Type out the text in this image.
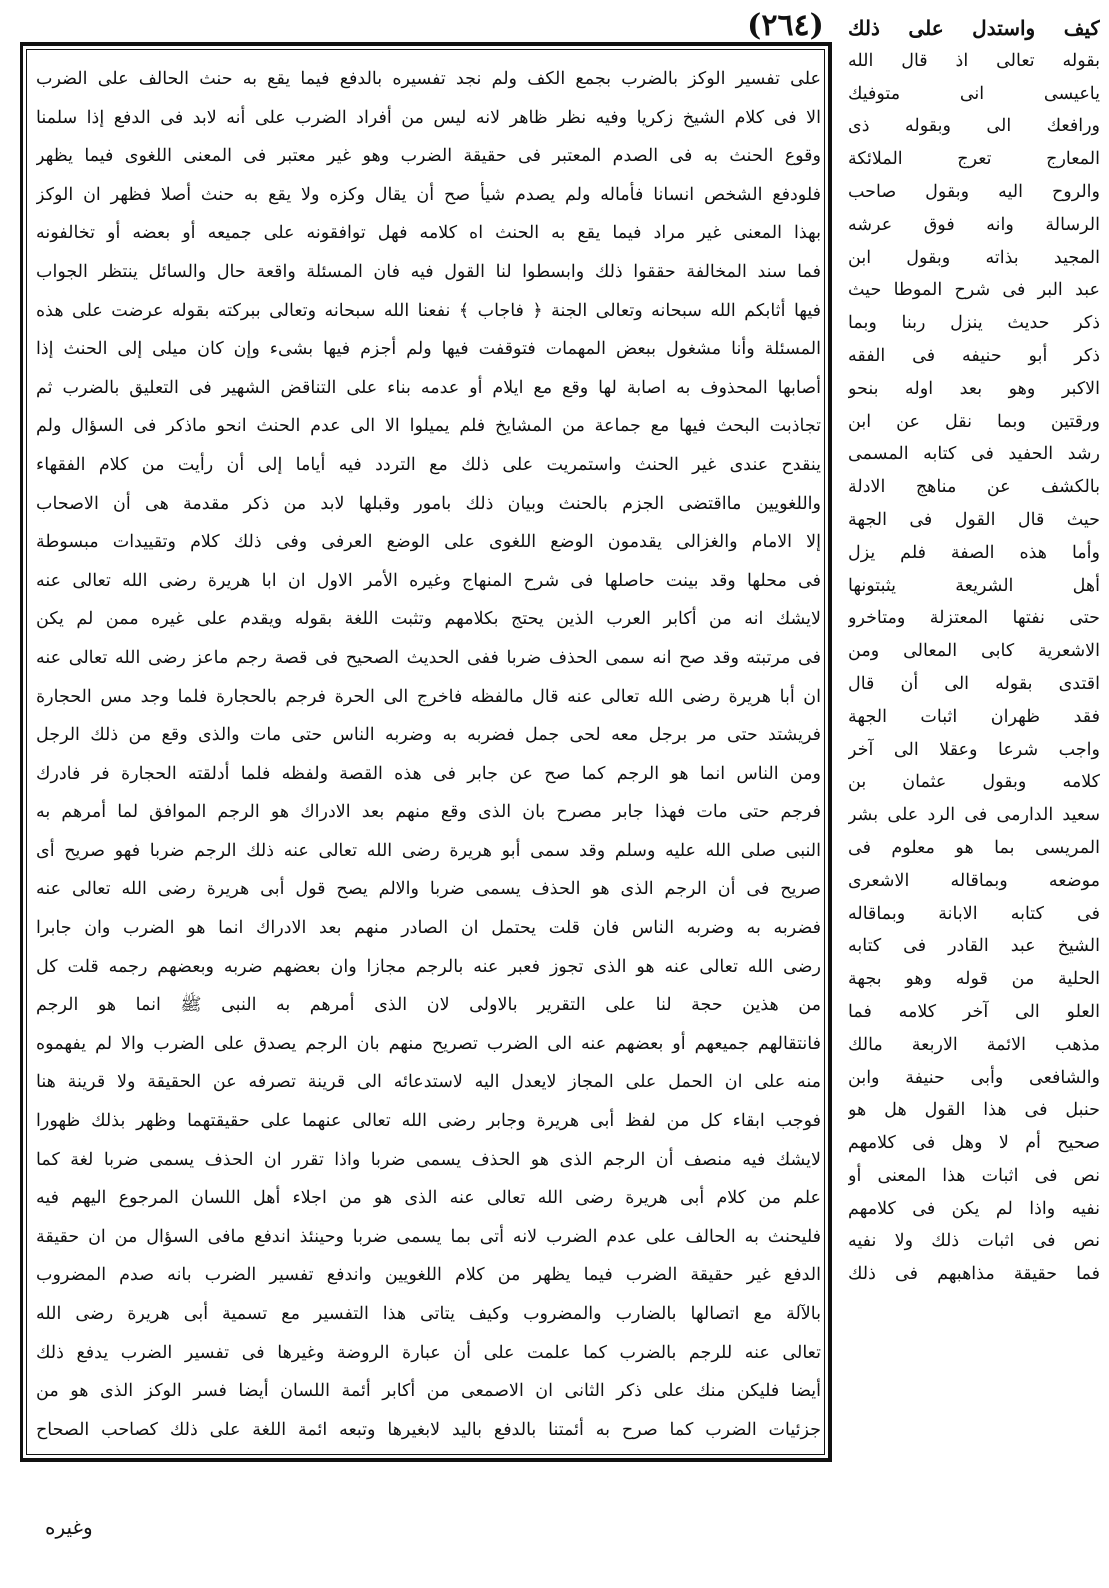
(٢٦٤)
على تفسير الوكز بالضرب بجمع الكف ولم نجد تفسيره بالدفع فيما يقع به حنث الحالف على الضرب
الا فى كلام الشيخ زكريا وفيه نظر ظاهر لانه ليس من أفراد الضرب على أنه لابد فى الدفع إذا سلمنا
وقوع الحنث به فى الصدم المعتبر فى حقيقة الضرب وهو غير معتبر فى المعنى اللغوى فيما يظهر
فلودفع الشخص انسانا فأماله ولم يصدم شيأ صح أن يقال وكزه ولا يقع به حنث أصلا فظهر ان الوكز
بهذا المعنى غير مراد فيما يقع به الحنث اه كلامه فهل توافقونه على جميعه أو بعضه أو تخالفونه
فما سند المخالفة حققوا ذلك وابسطوا لنا القول فيه فان المسئلة واقعة حال والسائل ينتظر الجواب
فيها أثابكم الله سبحانه وتعالى الجنة ﴿ فاجاب ﴾ نفعنا الله سبحانه وتعالى ببركته بقوله عرضت على هذه
المسئلة وأنا مشغول ببعض المهمات فتوقفت فيها ولم أجزم فيها بشىء وإن كان ميلى إلى الحنث إذا
أصابها المحذوف به اصابة لها وقع مع ايلام أو عدمه بناء على التناقض الشهير فى التعليق بالضرب ثم
تجاذبت البحث فيها مع جماعة من المشايخ فلم يميلوا الا الى عدم الحنث انحو ماذكر فى السؤال ولم
ينقدح عندى غير الحنث واستمريت على ذلك مع التردد فيه أياما إلى أن رأيت من كلام الفقهاء
واللغويين مااقتضى الجزم بالحنث وبيان ذلك بامور وقبلها لابد من ذكر مقدمة هى أن الاصحاب
إلا الامام والغزالى يقدمون الوضع اللغوى على الوضع العرفى وفى ذلك كلام وتقييدات مبسوطة
فى محلها وقد بينت حاصلها فى شرح المنهاج وغيره الأمر الاول ان ابا هريرة رضى الله تعالى عنه
لايشك انه من أكابر العرب الذين يحتج بكلامهم وتثبت اللغة بقوله ويقدم على غيره ممن لم يكن
فى مرتبته وقد صح انه سمى الحذف ضربا ففى الحديث الصحيح فى قصة رجم ماعز رضى الله تعالى عنه
ان أبا هريرة رضى الله تعالى عنه قال مالفظه فاخرج الى الحرة فرجم بالحجارة فلما وجد مس الحجارة
فريشتد حتى مر برجل معه لحى جمل فضربه به وضربه الناس حتى مات والذى وقع من ذلك الرجل
ومن الناس انما هو الرجم كما صح عن جابر فى هذه القصة ولفظه فلما أدلقته الحجارة فر فادرك
فرجم حتى مات فهذا جابر مصرح بان الذى وقع منهم بعد الادراك هو الرجم الموافق لما أمرهم به
النبى صلى الله عليه وسلم وقد سمى أبو هريرة رضى الله تعالى عنه ذلك الرجم ضربا فهو صريح أى
صريح فى أن الرجم الذى هو الحذف يسمى ضربا والالم يصح قول أبى هريرة رضى الله تعالى عنه
فضربه به وضربه الناس فان قلت يحتمل ان الصادر منهم بعد الادراك انما هو الضرب وان جابرا
رضى الله تعالى عنه هو الذى تجوز فعبر عنه بالرجم مجازا وان بعضهم ضربه وبعضهم رجمه قلت كل
من هذين حجة لنا على التقرير بالاولى لان الذى أمرهم به النبى ﷺ انما هو الرجم
فانتقالهم جميعهم أو بعضهم عنه الى الضرب تصريح منهم بان الرجم يصدق على الضرب والا لم يفهموه
منه على ان الحمل على المجاز لايعدل اليه لاستدعائه الى قرينة تصرفه عن الحقيقة ولا قرينة هنا
فوجب ابقاء كل من لفظ أبى هريرة وجابر رضى الله تعالى عنهما على حقيقتهما وظهر بذلك ظهورا
لايشك فيه منصف أن الرجم الذى هو الحذف يسمى ضربا واذا تقرر ان الحذف يسمى ضربا لغة كما
علم من كلام أبى هريرة رضى الله تعالى عنه الذى هو من اجلاء أهل اللسان المرجوع اليهم فيه
فليحنث به الحالف على عدم الضرب لانه أتى بما يسمى ضربا وحينئذ اندفع مافى السؤال من ان حقيقة
الدفع غير حقيقة الضرب فيما يظهر من كلام اللغويين واندفع تفسير الضرب بانه صدم المضروب
بالآلة مع اتصالها بالضارب والمضروب وكيف يتاتى هذا التفسير مع تسمية أبى هريرة رضى الله
تعالى عنه للرجم بالضرب كما علمت على أن عبارة الروضة وغيرها فى تفسير الضرب يدفع ذلك
أيضا فليكن منك على ذكر الثانى ان الاصمعى من أكابر أئمة اللسان أيضا فسر الوكز الذى هو من
جزئيات الضرب كما صرح به أئمتنا بالدفع باليد لابغيرها وتبعه ائمة اللغة على ذلك كصاحب الصحاح
كيف واستدل على ذلك
بقوله تعالى اذ قال الله
ياعيسى انى متوفيك
ورافعك الى وبقوله ذى
المعارج تعرج الملائكة
والروح اليه وبقول صاحب
الرسالة وانه فوق عرشه
المجيد بذاته وبقول ابن
عبد البر فى شرح الموطا حيث
ذكر حديث ينزل ربنا وبما
ذكر أبو حنيفه فى الفقه
الاكبر وهو بعد اوله بنحو
ورقتين وبما نقل عن ابن
رشد الحفيد فى كتابه المسمى
بالكشف عن مناهج الادلة
حيث قال القول فى الجهة
وأما هذه الصفة فلم يزل
أهل الشريعة يثبتونها
حتى نفتها المعتزلة ومتاخرو
الاشعرية كابى المعالى ومن
اقتدى بقوله الى أن قال
فقد ظهران اثبات الجهة
واجب شرعا وعقلا الى آخر
كلامه وبقول عثمان بن
سعيد الدارمى فى الرد على بشر
المريسى بما هو معلوم فى
موضعه وبماقاله الاشعرى
فى كتابه الابانة وبماقاله
الشيخ عبد القادر فى كتابه
الحلية من قوله وهو بجهة
العلو الى آخر كلامه فما
مذهب الائمة الاربعة مالك
والشافعى وأبى حنيفة وابن
حنبل فى هذا القول هل هو
صحيح أم لا وهل فى كلامهم
نص فى اثبات هذا المعنى أو
نفيه واذا لم يكن فى كلامهم
نص فى اثبات ذلك ولا نفيه
فما حقيقة مذاهبهم فى ذلك
وغيره
